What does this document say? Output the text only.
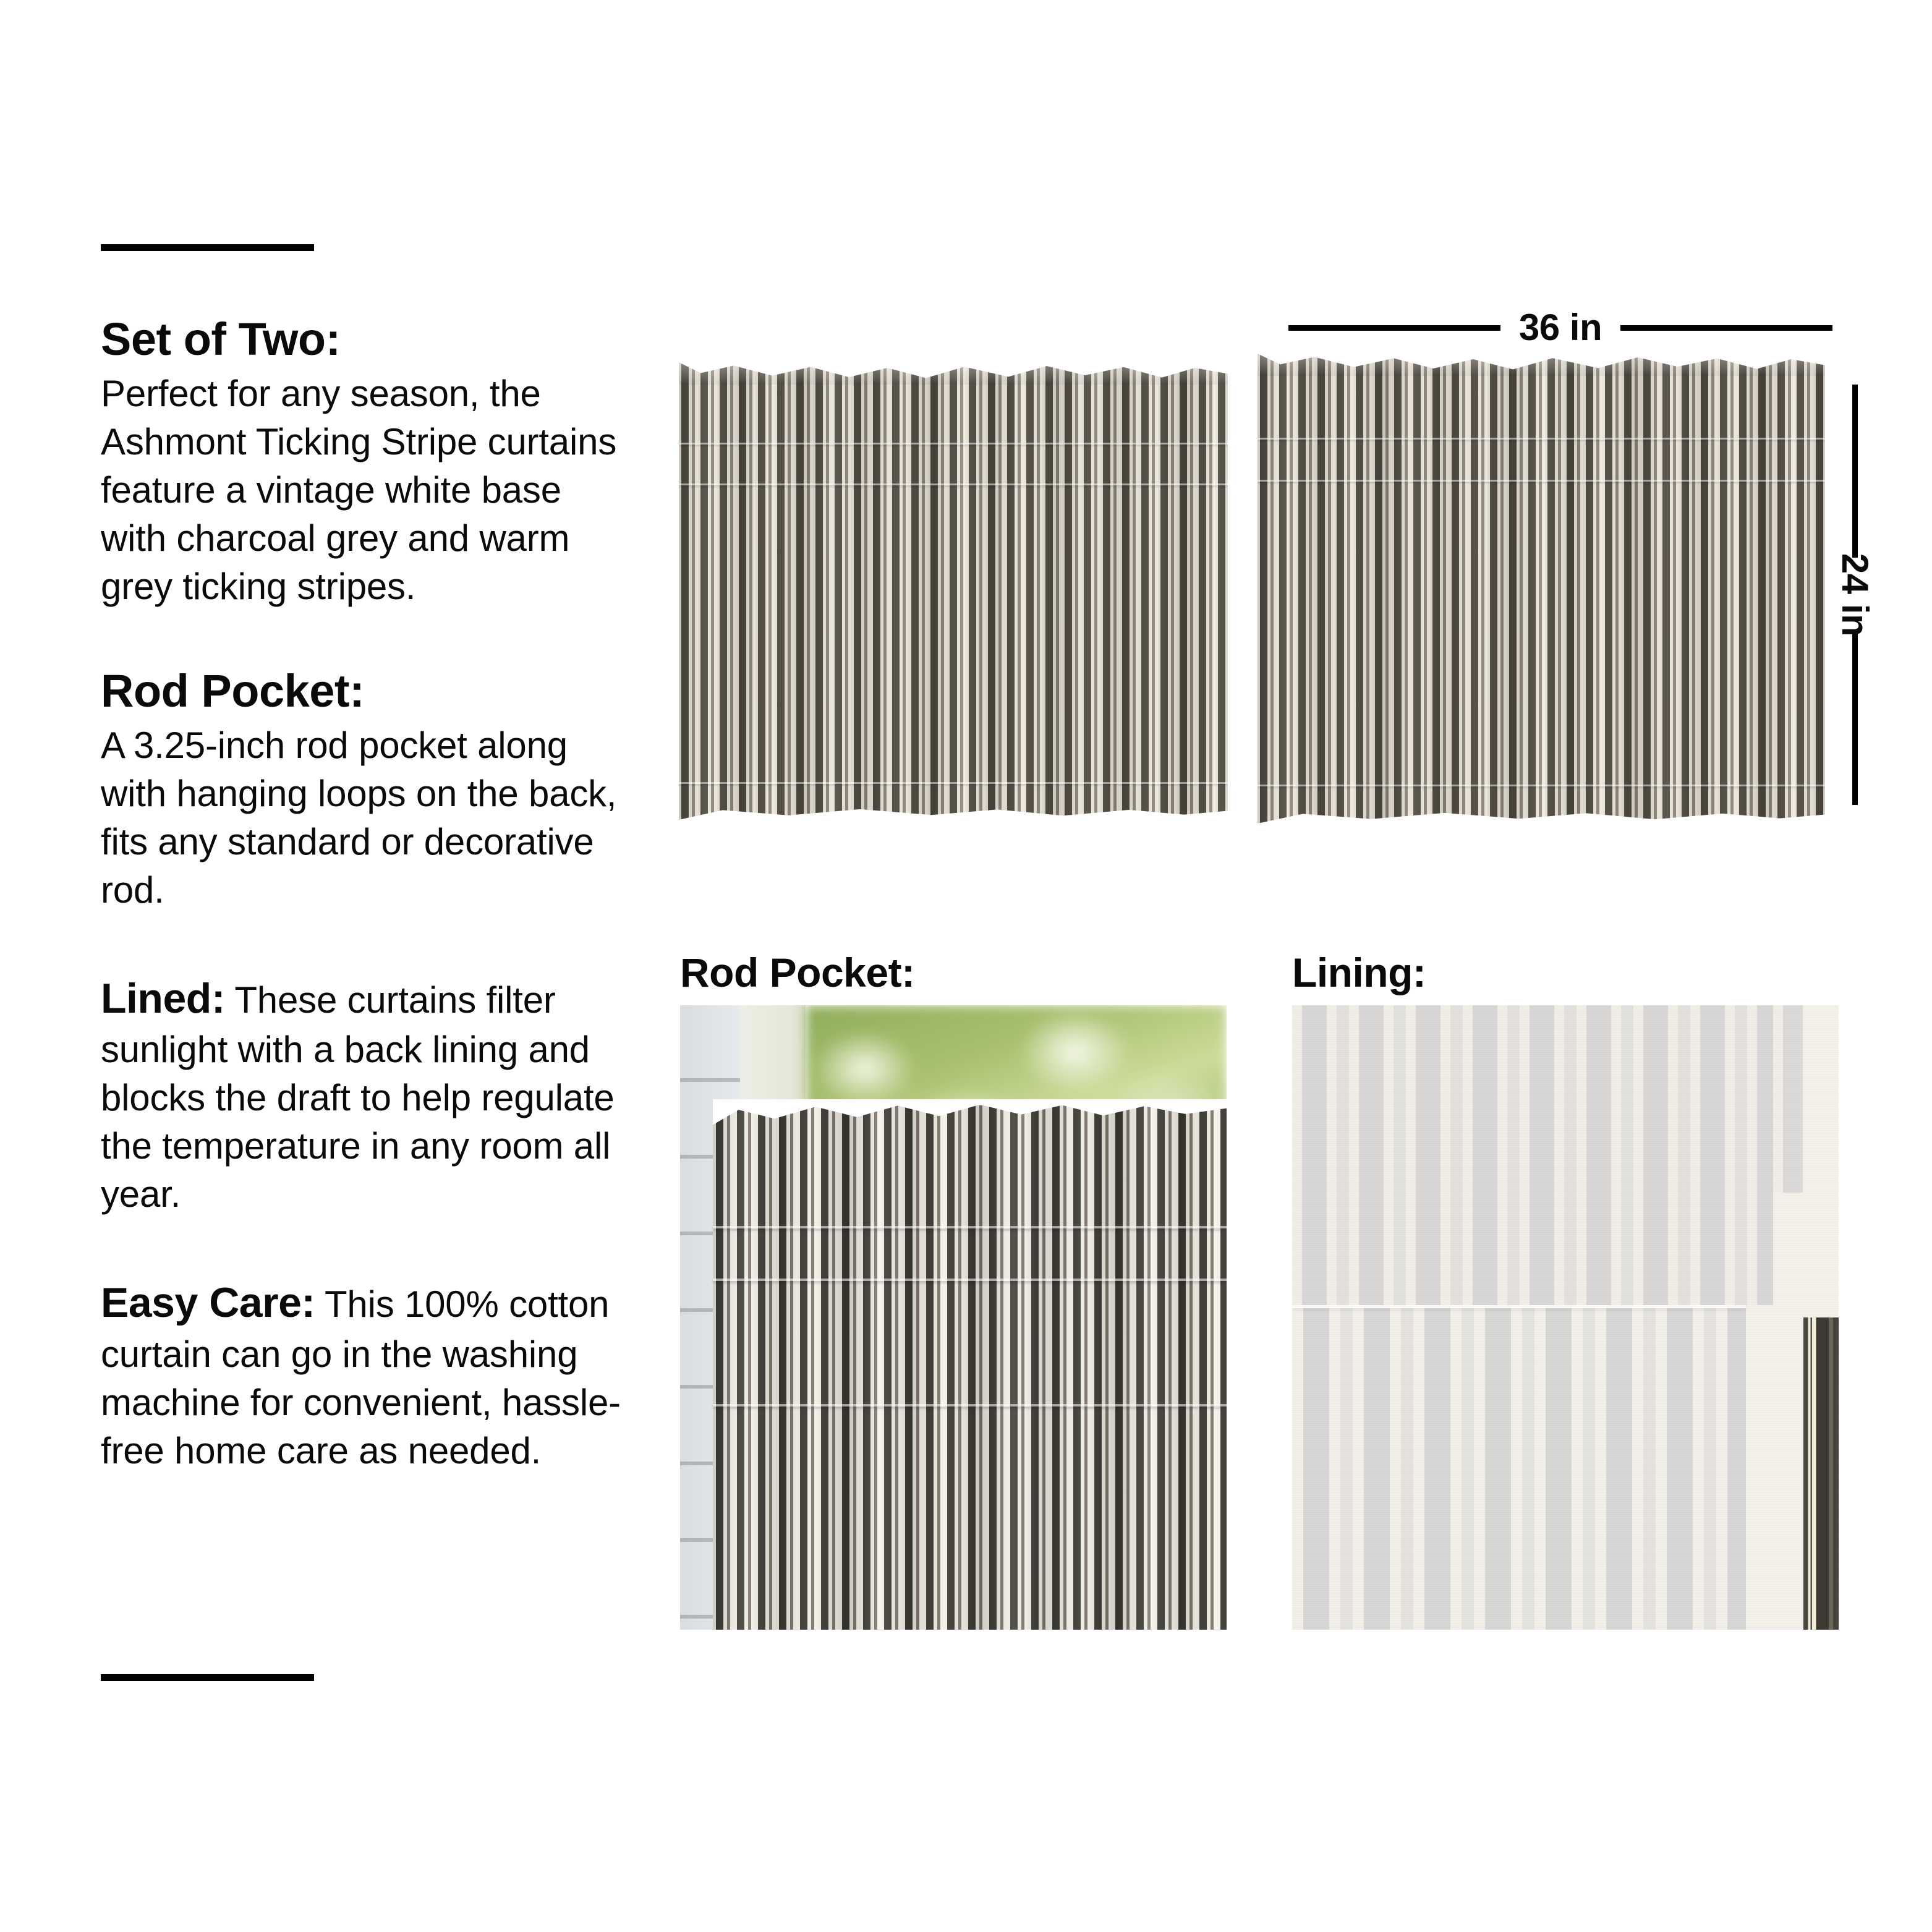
Set of Two:

Perfect for any season, the Ashmont Ticking Stripe curtains feature a vintage white base with charcoal grey and warm grey ticking stripes.

Rod Pocket:

A 3.25-inch rod pocket along with hanging loops on the back, fits any standard or decorative rod.

Lined: These curtains filter sunlight with a back lining and blocks the draft to help regulate the temperature in any room all year.

Easy Care: This 100% cotton curtain can go in the washing machine for convenient, hassle-free home care as needed.

36 in
24 in
Rod Pocket:	Lining:
